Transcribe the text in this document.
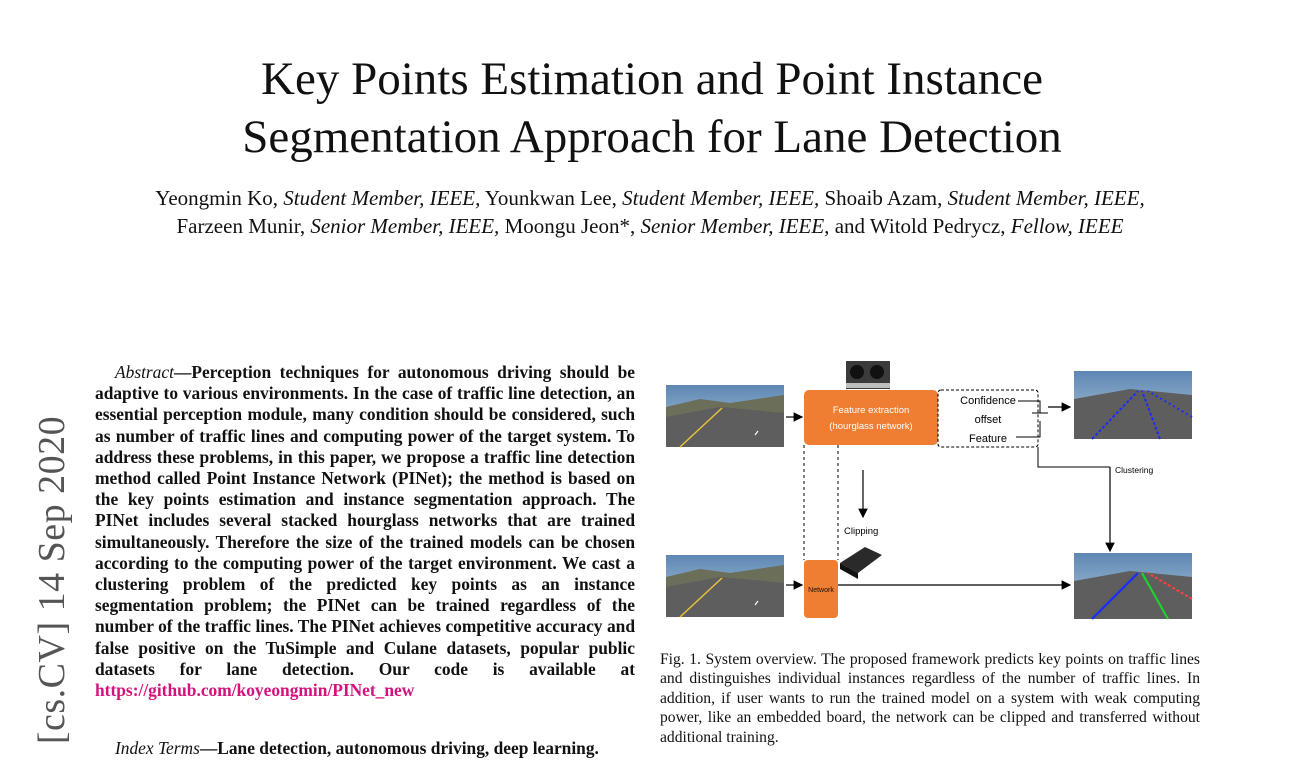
Key Points Estimation and Point Instance
Segmentation Approach for Lane Detection
Yeongmin Ko, Student Member, IEEE, Younkwan Lee, Student Member, IEEE, Shoaib Azam, Student Member, IEEE, Farzeen Munir, Senior Member, IEEE, Moongu Jeon*, Senior Member, IEEE, and Witold Pedrycz, Fellow, IEEE
[cs.CV] 14 Sep 2020
Abstract—Perception techniques for autonomous driving should be adaptive to various environments. In the case of traffic line detection, an essential perception module, many condition should be considered, such as number of traffic lines and computing power of the target system. To address these problems, in this paper, we propose a traffic line detection method called Point Instance Network (PINet); the method is based on the key points estimation and instance segmentation approach. The PINet includes several stacked hourglass networks that are trained simultaneously. Therefore the size of the trained models can be chosen according to the computing power of the target environment. We cast a clustering problem of the predicted key points as an instance segmentation problem; the PINet can be trained regardless of the number of the traffic lines. The PINet achieves competitive accuracy and false positive on the TuSimple and Culane datasets, popular public datasets for lane detection. Our code is available at https://github.com/koyeongmin/PINet_new
Index Terms—Lane detection, autonomous driving, deep learning.
Feature extraction
(hourglass network)
Confidence
offset
Feature
Clustering
Clipping
Network
Fig. 1. System overview. The proposed framework predicts key points on traffic lines and distinguishes individual instances regardless of the number of traffic lines. In addition, if user wants to run the trained model on a system with weak computing power, like an embedded board, the network can be clipped and transferred without additional training.
